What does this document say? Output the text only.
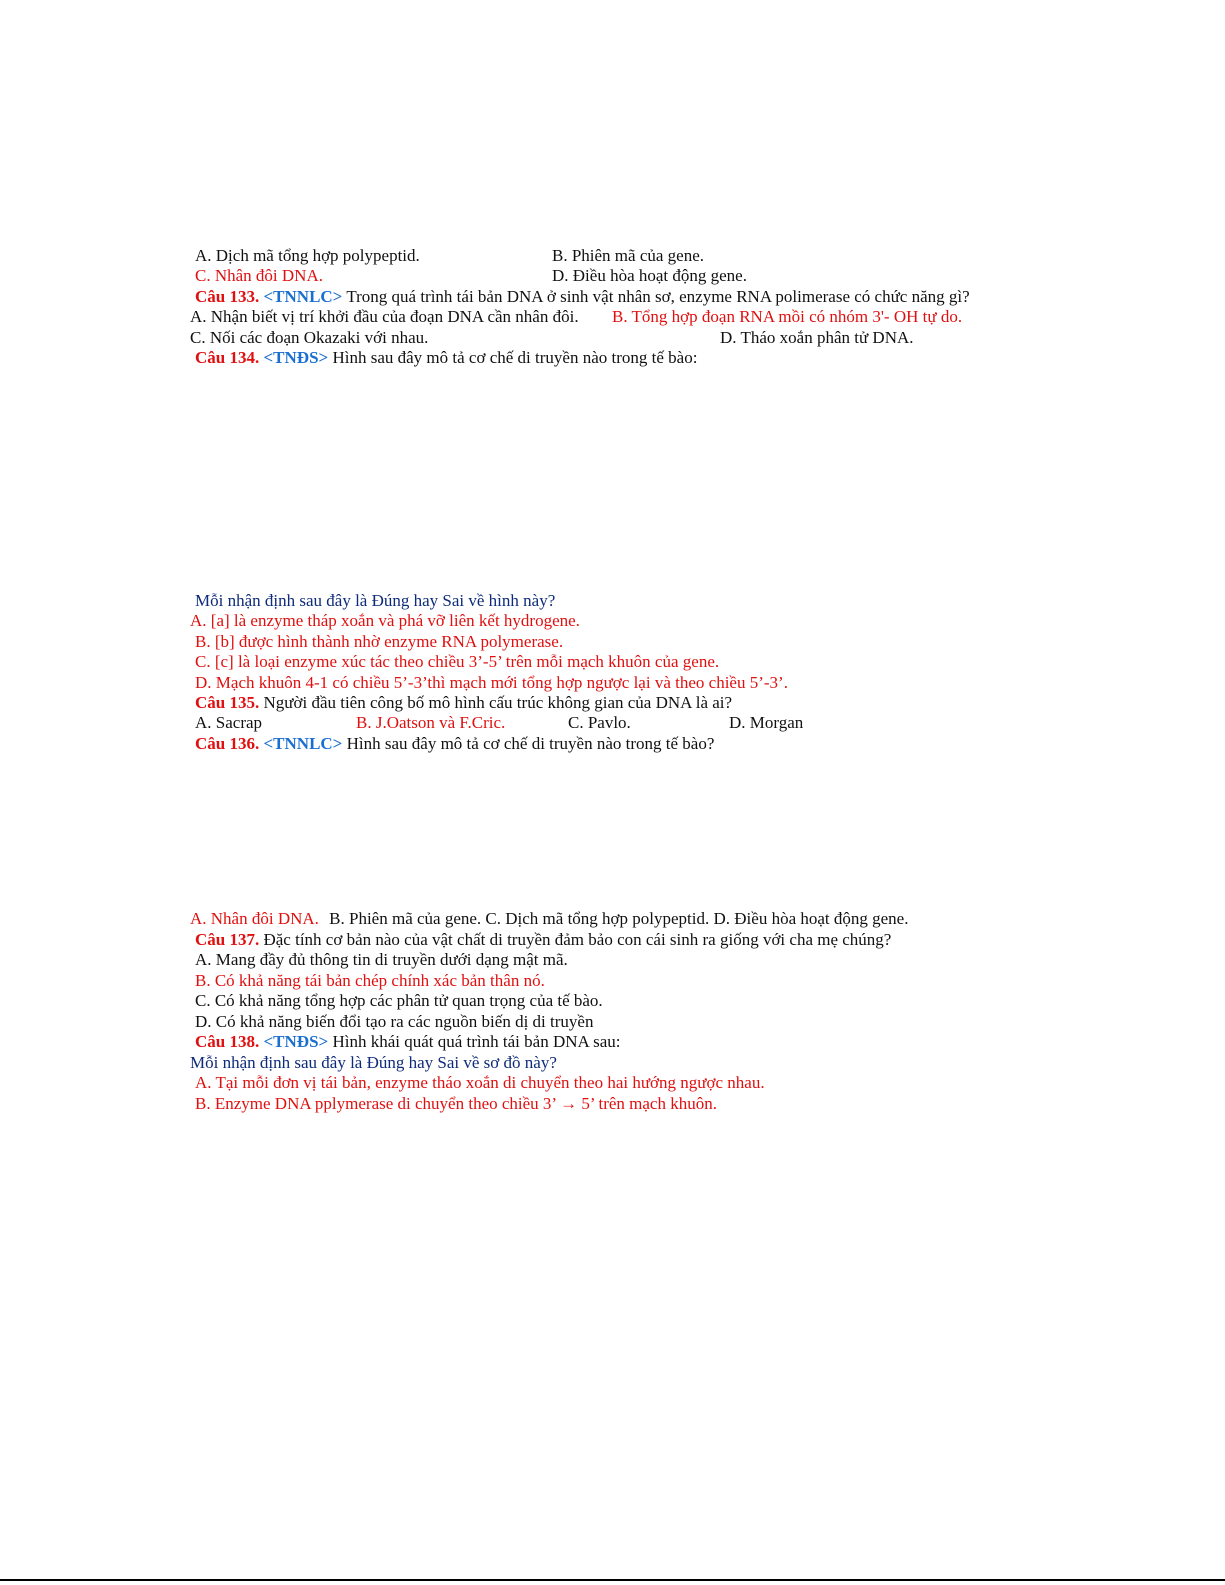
A. Dịch mã tổng hợp polypeptid.	B. Phiên mã của gene.
C. Nhân đôi DNA.	D. Điều hòa hoạt động gene.
Câu 133. <TNNLC> Trong quá trình tái bản DNA ở sinh vật nhân sơ, enzyme RNA polimerase có chức năng gì?
A. Nhận biết vị trí khởi đầu của đoạn DNA cần nhân đôi. B. Tổng hợp đoạn RNA mồi có nhóm 3'- OH tự do.
C. Nối các đoạn Okazaki với nhau.	D. Tháo xoắn phân tử DNA.
Câu 134. <TNĐS> Hình sau đây mô tả cơ chế di truyền nào trong tế bào:
Mỗi nhận định sau đây là Đúng hay Sai về hình này?
A. [a] là enzyme tháp xoắn và phá vỡ liên kết hydrogene.
B. [b] được hình thành nhờ enzyme RNA polymerase.
C. [c] là loại enzyme xúc tác theo chiều 3’-5’ trên mỗi mạch khuôn của gene.
D. Mạch khuôn 4-1 có chiều 5’-3’thì mạch mới tổng hợp ngược lại và theo chiều 5’-3’.
Câu 135. Người đầu tiên công bố mô hình cấu trúc không gian của DNA là ai?
A. Sacrap	B. J.Oatson và F.Cric.	C. Pavlo.	D. Morgan
Câu 136. <TNNLC> Hình sau đây mô tả cơ chế di truyền nào trong tế bào?
A. Nhân đôi DNA. B. Phiên mã của gene. C. Dịch mã tổng hợp polypeptid. D. Điều hòa hoạt động gene.
Câu 137. Đặc tính cơ bản nào của vật chất di truyền đảm bảo con cái sinh ra giống với cha mẹ chúng?
A. Mang đầy đủ thông tin di truyền dưới dạng mật mã.
B. Có khả năng tái bản chép chính xác bản thân nó.
C. Có khả năng tổng hợp các phân tử quan trọng của tế bào.
D. Có khả năng biến đổi tạo ra các nguồn biến dị di truyền
Câu 138. <TNĐS> Hình khái quát quá trình tái bản DNA sau:
Mỗi nhận định sau đây là Đúng hay Sai về sơ đồ này?
A. Tại mỗi đơn vị tái bản, enzyme tháo xoắn di chuyển theo hai hướng ngược nhau.
B. Enzyme DNA pplymerase di chuyển theo chiều 3’ → 5’ trên mạch khuôn.
